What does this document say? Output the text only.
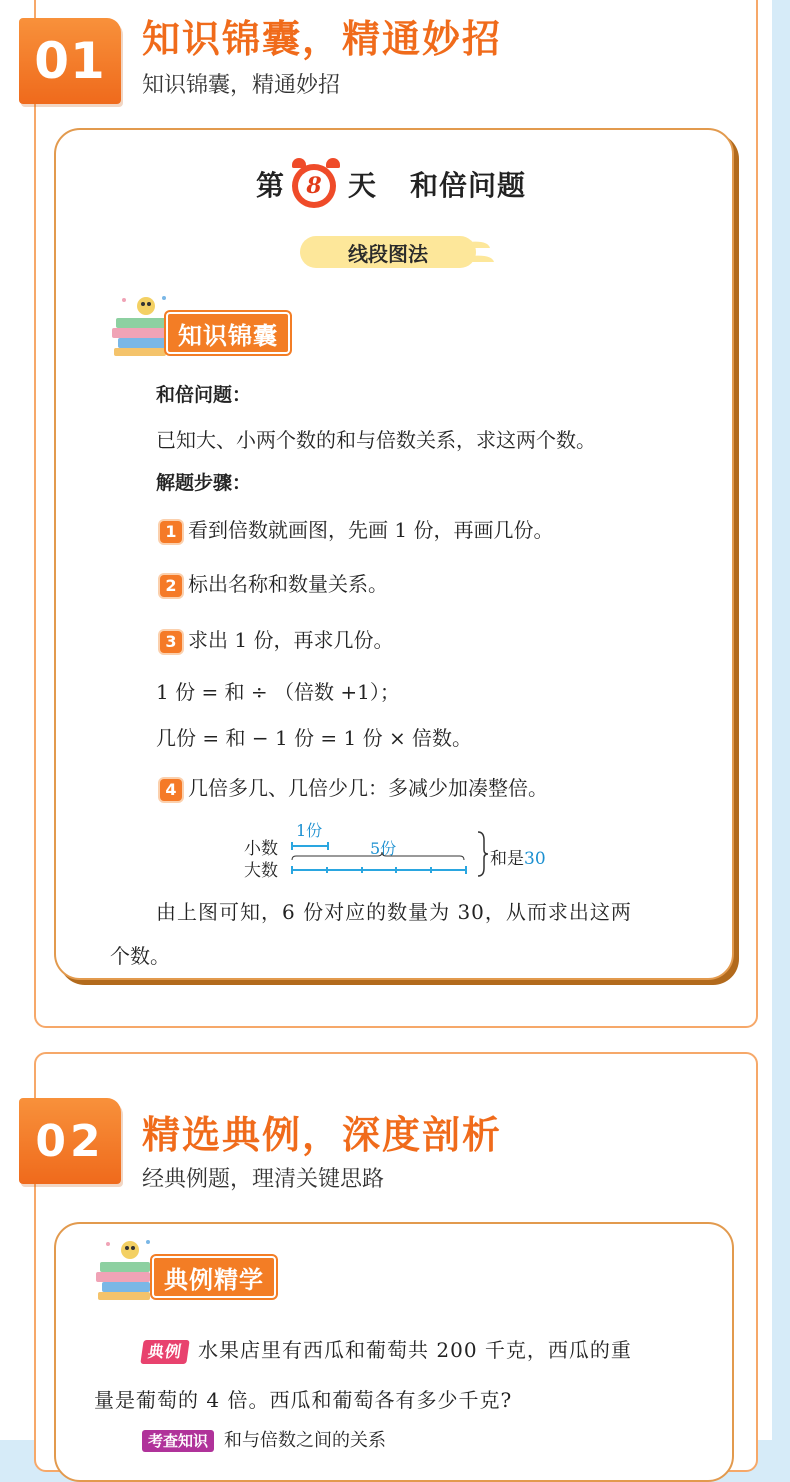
01 知识锦囊，精通妙招
知识锦囊，精通妙招
第	8 天 和倍问题
线段图法
知识锦囊
和倍问题：
已知大、小两个数的和与倍数关系，求这两个数。
解题步骤：
1 看到倍数就画图，先画 1 份，再画几份。
2 标出名称和数量关系。
3 求出 1 份，再求几份。
1 份 = 和 ÷ （倍数 +1）；
几份 = 和 − 1 份 = 1 份 × 倍数。
4 几倍多几、几倍少几：多减少加凑整倍。
小数
大数
1份
5份
和是30
由上图可知，6 份对应的数量为 30，从而求出这两
个数。
02 精选典例，深度剖析
经典例题，理清关键思路
典例精学
典例 水果店里有西瓜和葡萄共 200 千克，西瓜的重
量是葡萄的 4 倍。西瓜和葡萄各有多少千克?
考查知识 和与倍数之间的关系
